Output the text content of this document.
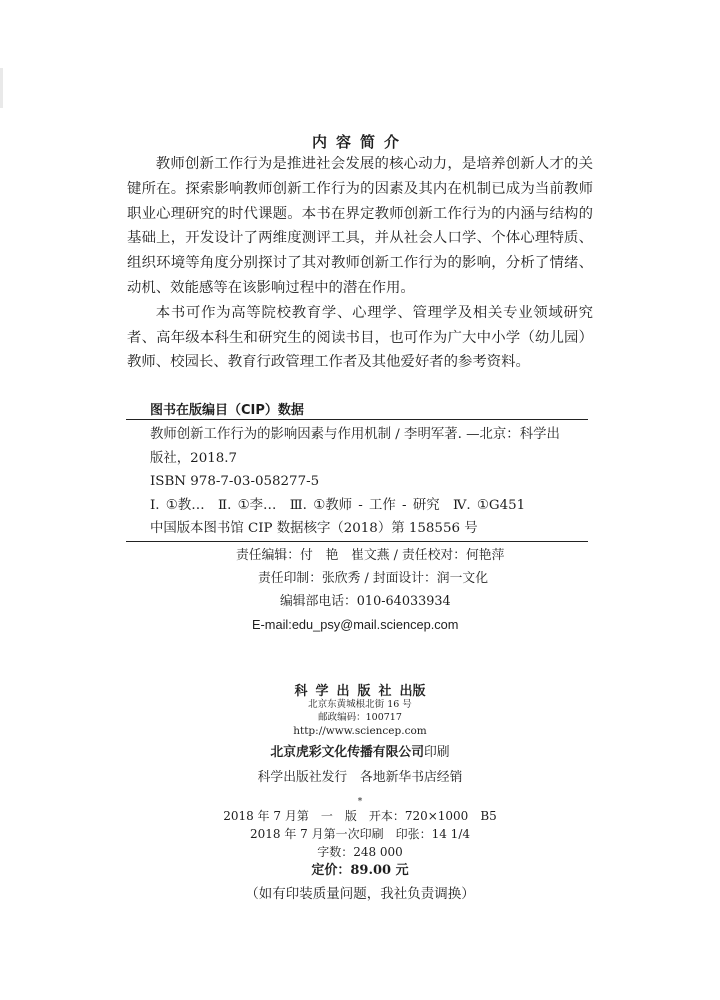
内容简介

教师创新工作行为是推进社会发展的核心动力，是培养创新人才的关键所在。探索影响教师创新工作行为的因素及其内在机制已成为当前教师职业心理研究的时代课题。本书在界定教师创新工作行为的内涵与结构的基础上，开发设计了两维度测评工具，并从社会人口学、个体心理特质、组织环境等角度分别探讨了其对教师创新工作行为的影响，分析了情绪、动机、效能感等在该影响过程中的潜在作用。

本书可作为高等院校教育学、心理学、管理学及相关专业领域研究者、高年级本科生和研究生的阅读书目，也可作为广大中小学（幼儿园）教师、校园长、教育行政管理工作者及其他爱好者的参考资料。

图书在版编目（CIP）数据
教师创新工作行为的影响因素与作用机制 / 李明军著. —北京：科学出
版社，2018.7
ISBN 978-7-03-058277-5
Ⅰ. ①教…　Ⅱ. ①李…　Ⅲ. ①教师 - 工作 - 研究　Ⅳ. ①G451
中国版本图书馆 CIP 数据核字（2018）第 158556 号
责任编辑：付　艳　崔文燕 / 责任校对：何艳萍
责任印制：张欣秀 / 封面设计：润一文化
编辑部电话：010-64033934
E-mail:edu_psy@mail.sciencep.com
科学出版社出版
北京东黄城根北街 16 号
邮政编码：100717
http://www.sciencep.com
北京虎彩文化传播有限公司印刷
科学出版社发行　各地新华书店经销
*
2018 年 7 月第　一　版　开本：720×1000　B5
2018 年 7 月第一次印刷　印张：14 1/4
字数：248 000
定价：89.00 元
（如有印装质量问题，我社负责调换）
